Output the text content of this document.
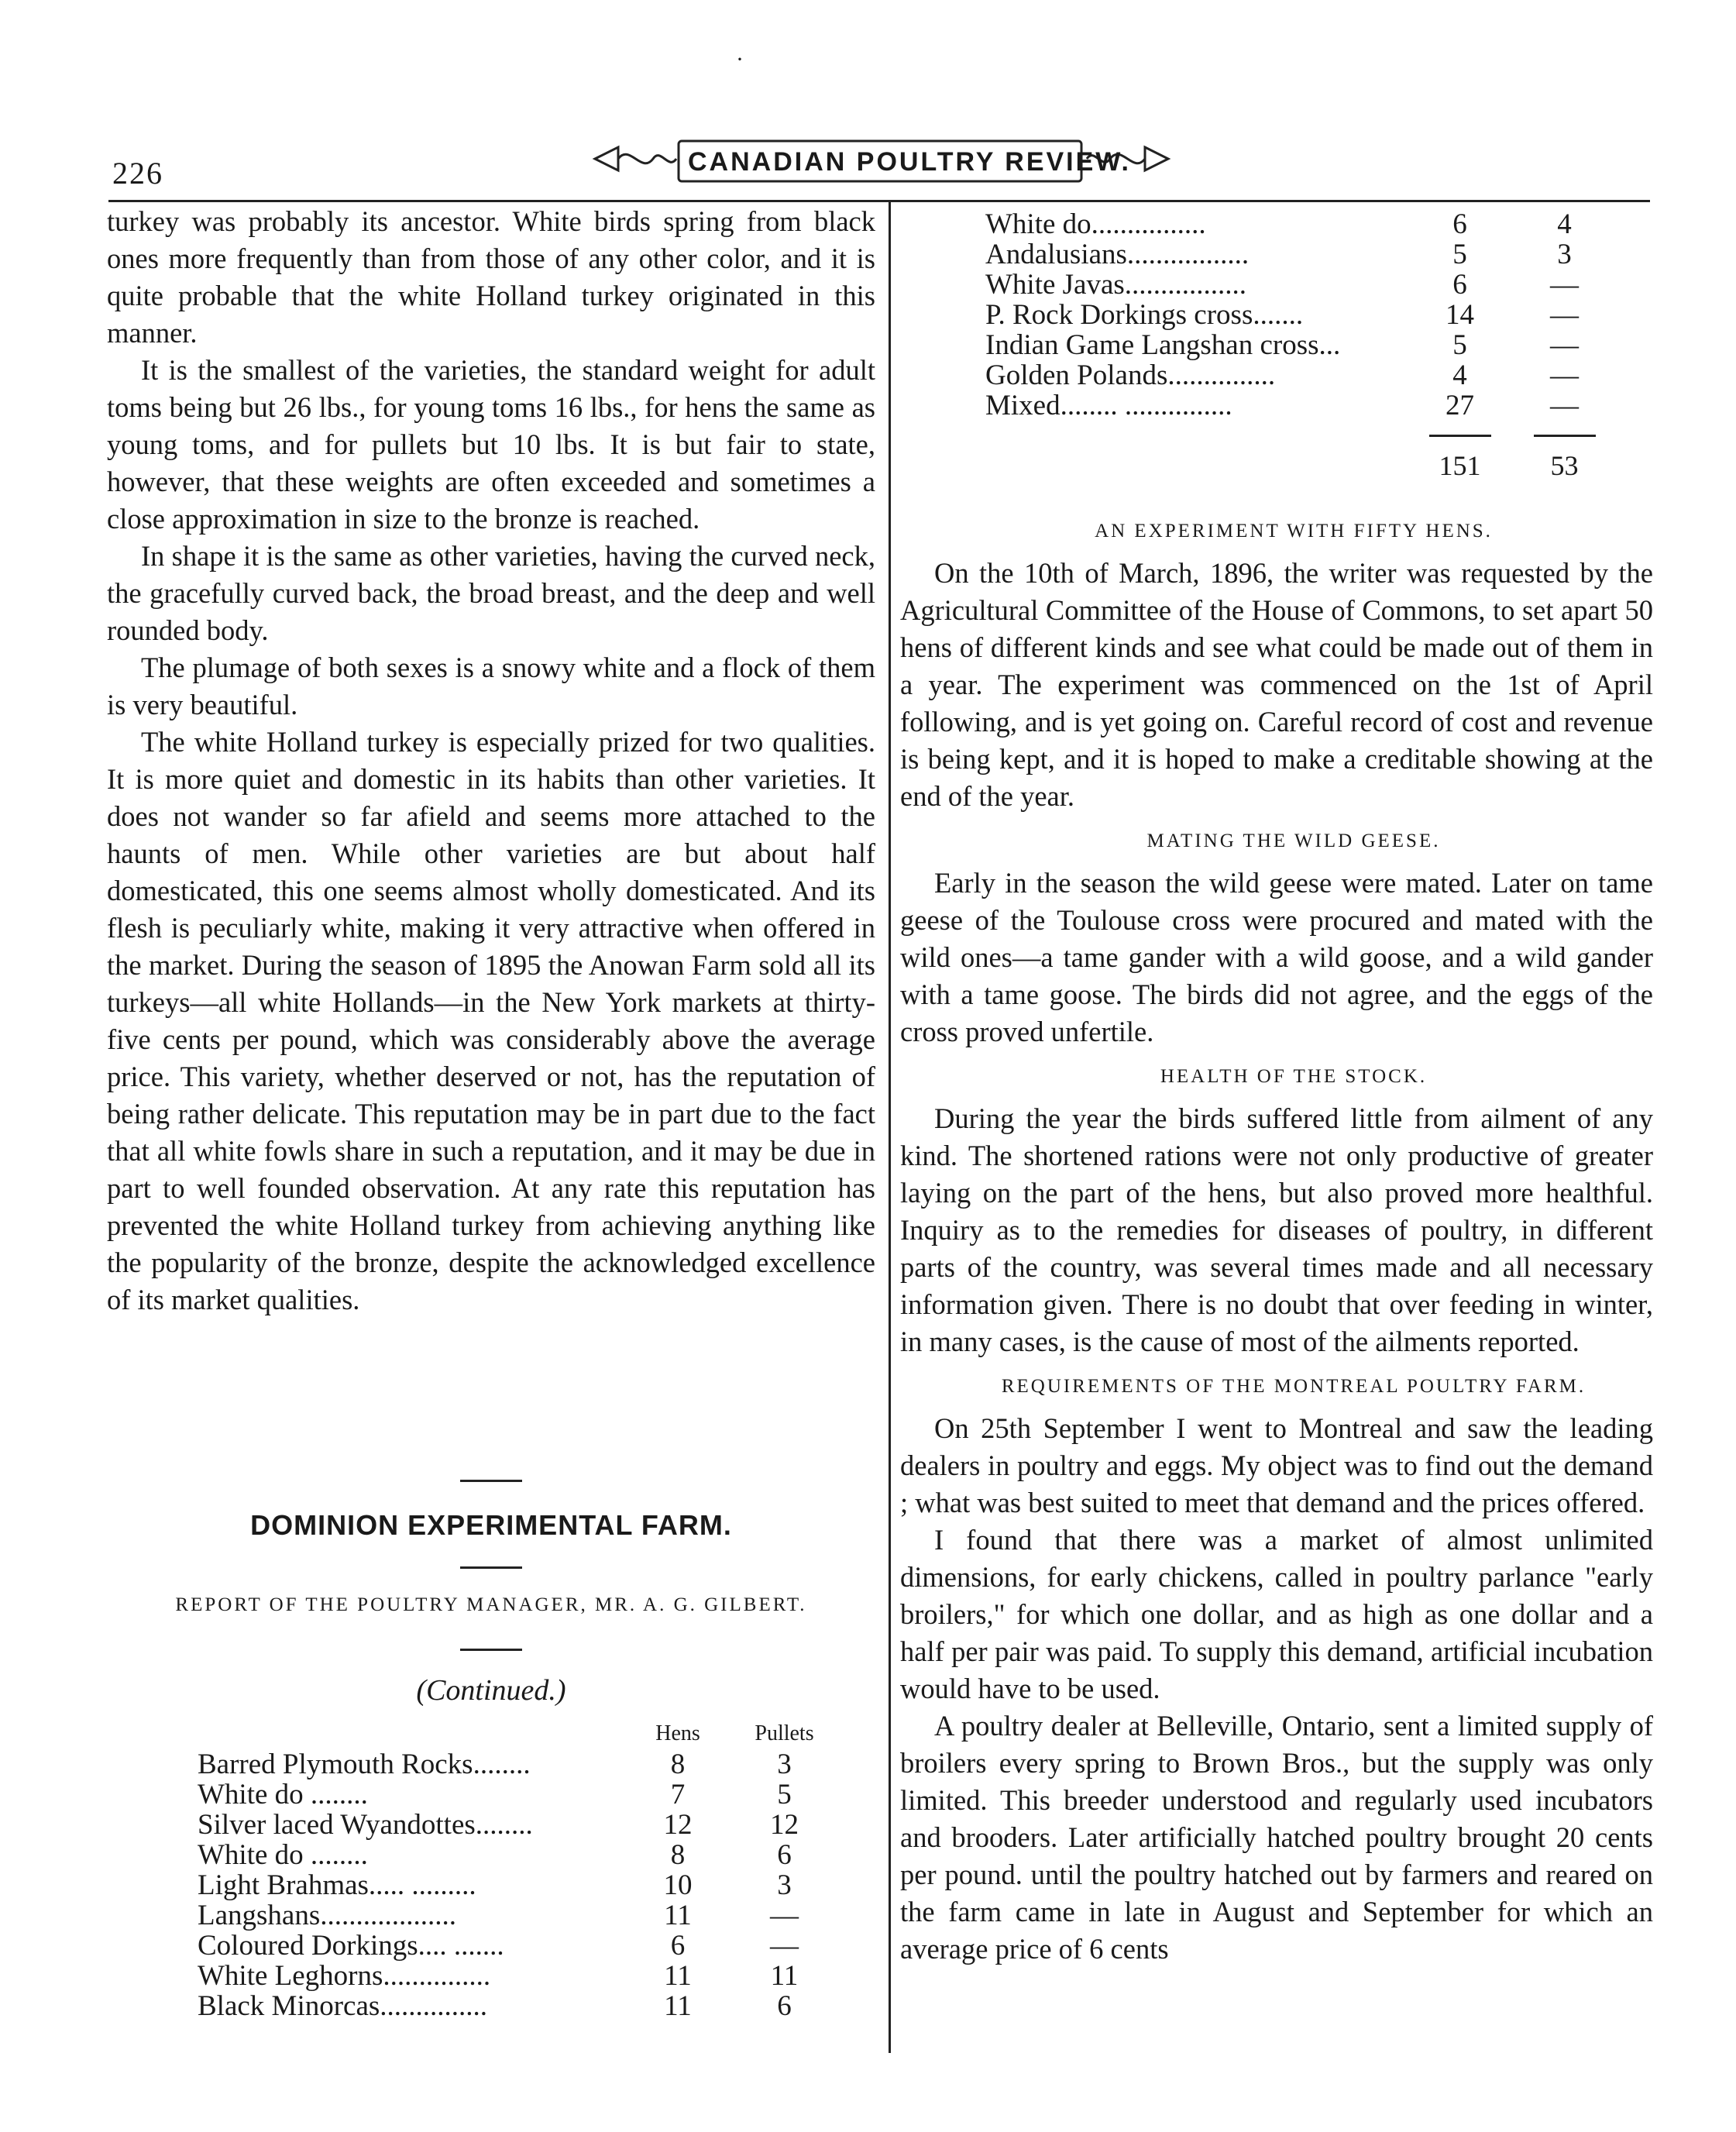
·
226	CANADIAN POULTRY REVIEW.

turkey was probably its ancestor. White birds spring from black ones more frequently than from those of any other color, and it is quite probable that the white Holland turkey originated in this manner.

It is the smallest of the varieties, the standard weight for adult toms being but 26 lbs., for young toms 16 lbs., for hens the same as young toms, and for pullets but 10 lbs. It is but fair to state, however, that these weights are often exceeded and sometimes a close approximation in size to the bronze is reached.

In shape it is the same as other varieties, having the curved neck, the gracefully curved back, the broad breast, and the deep and well rounded body.

The plumage of both sexes is a snowy white and a flock of them is very beautiful.

The white Holland turkey is especially prized for two qualities. It is more quiet and domestic in its habits than other varieties. It does not wander so far afield and seems more attached to the haunts of men. While other varieties are but about half domesticated, this one seems almost wholly domesticated. And its flesh is peculiarly white, making it very attractive when offered in the market. During the season of 1895 the Anowan Farm sold all its turkeys—all white Hollands—in the New York markets at thirty-five cents per pound, which was considerably above the average price. This variety, whether deserved or not, has the reputation of being rather delicate. This reputation may be in part due to the fact that all white fowls share in such a reputation, and it may be due in part to well founded observation. At any rate this reputation has prevented the white Holland turkey from achieving anything like the popularity of the bronze, despite the acknowledged excellence of its market qualities.

DOMINION EXPERIMENTAL FARM.
REPORT OF THE POULTRY MANAGER, MR. A. G. GILBERT.
(Continued.)
	Hens	Pullets
Barred Plymouth Rocks........	8	3
White do ........	7	5
Silver laced Wyandottes........	12	12
White do ........	8	6
Light Brahmas..... .........	10	3
Langshans...................	11	—
Coloured Dorkings.... .......	6	—
White Leghorns...............	11	11
Black Minorcas...............	11	6
White do................	6	4
Andalusians.................	5	3
White Javas.................	6	—
P. Rock Dorkings cross.......	14	—
Indian Game Langshan cross...	5	—
Golden Polands...............	4	—
Mixed........ ...............	27	—

	151	53

AN EXPERIMENT WITH FIFTY HENS.

On the 10th of March, 1896, the writer was requested by the Agricultural Committee of the House of Commons, to set apart 50 hens of different kinds and see what could be made out of them in a year. The experiment was commenced on the 1st of April following, and is yet going on. Careful record of cost and revenue is being kept, and it is hoped to make a creditable showing at the end of the year.

MATING THE WILD GEESE.

Early in the season the wild geese were mated. Later on tame geese of the Toulouse cross were procured and mated with the wild ones—a tame gander with a wild goose, and a wild gander with a tame goose. The birds did not agree, and the eggs of the cross proved unfertile.

HEALTH OF THE STOCK.

During the year the birds suffered little from ailment of any kind. The shortened rations were not only productive of greater laying on the part of the hens, but also proved more healthful. Inquiry as to the remedies for diseases of poultry, in different parts of the country, was several times made and all necessary information given. There is no doubt that over feeding in winter, in many cases, is the cause of most of the ailments reported.

REQUIREMENTS OF THE MONTREAL POULTRY FARM.

On 25th September I went to Montreal and saw the leading dealers in poultry and eggs. My object was to find out the demand ; what was best suited to meet that demand and the prices offered.

I found that there was a market of almost unlimited dimensions, for early chickens, called in poultry parlance "early broilers," for which one dollar, and as high as one dollar and a half per pair was paid. To supply this demand, artificial incubation would have to be used.

A poultry dealer at Belleville, Ontario, sent a limited supply of broilers every spring to Brown Bros., but the supply was only limited. This breeder understood and regularly used incubators and brooders. Later artificially hatched poultry brought 20 cents per pound. until the poultry hatched out by farmers and reared on the farm came in late in August and September for which an average price of 6 cents
